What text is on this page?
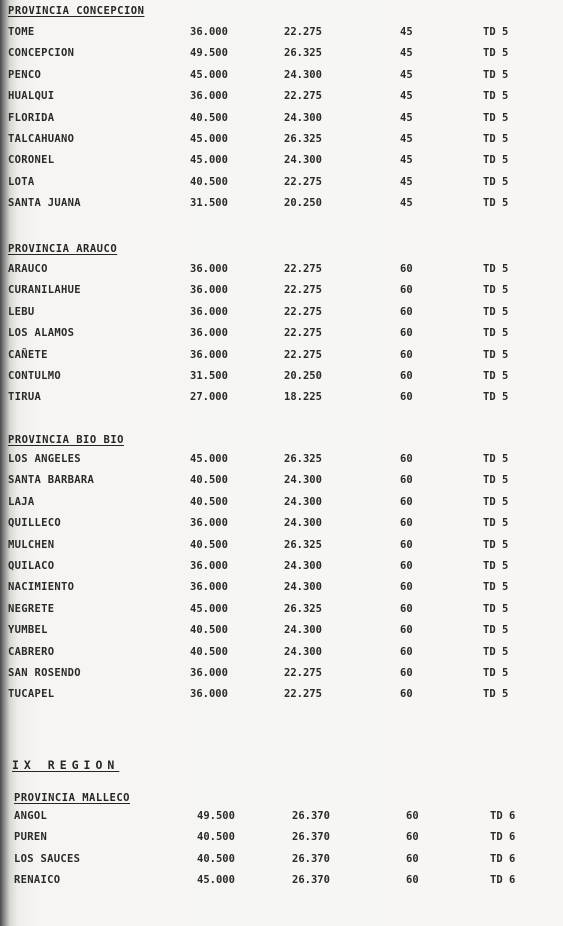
PROVINCIA CONCEPCION
TOME	36.000	22.275	45	TD 5
CONCEPCION	49.500	26.325	45	TD 5
PENCO	45.000	24.300	45	TD 5
HUALQUI	36.000	22.275	45	TD 5
FLORIDA	40.500	24.300	45	TD 5
TALCAHUANO	45.000	26.325	45	TD 5
CORONEL	45.000	24.300	45	TD 5
LOTA	40.500	22.275	45	TD 5
SANTA JUANA	31.500	20.250	45	TD 5
PROVINCIA ARAUCO
ARAUCO	36.000	22.275	60	TD 5
CURANILAHUE	36.000	22.275	60	TD 5
LEBU	36.000	22.275	60	TD 5
LOS ALAMOS	36.000	22.275	60	TD 5
CAÑETE	36.000	22.275	60	TD 5
CONTULMO	31.500	20.250	60	TD 5
TIRUA	27.000	18.225	60	TD 5
PROVINCIA BIO BIO
LOS ANGELES	45.000	26.325	60	TD 5
SANTA BARBARA	40.500	24.300	60	TD 5
LAJA	40.500	24.300	60	TD 5
QUILLECO	36.000	24.300	60	TD 5
MULCHEN	40.500	26.325	60	TD 5
QUILACO	36.000	24.300	60	TD 5
NACIMIENTO	36.000	24.300	60	TD 5
NEGRETE	45.000	26.325	60	TD 5
YUMBEL	40.500	24.300	60	TD 5
CABRERO	40.500	24.300	60	TD 5
SAN ROSENDO	36.000	22.275	60	TD 5
TUCAPEL	36.000	22.275	60	TD 5
IX REGION
PROVINCIA MALLECO
ANGOL	49.500	26.370	60	TD 6
PUREN	40.500	26.370	60	TD 6
LOS SAUCES	40.500	26.370	60	TD 6
RENAICO	45.000	26.370	60	TD 6
